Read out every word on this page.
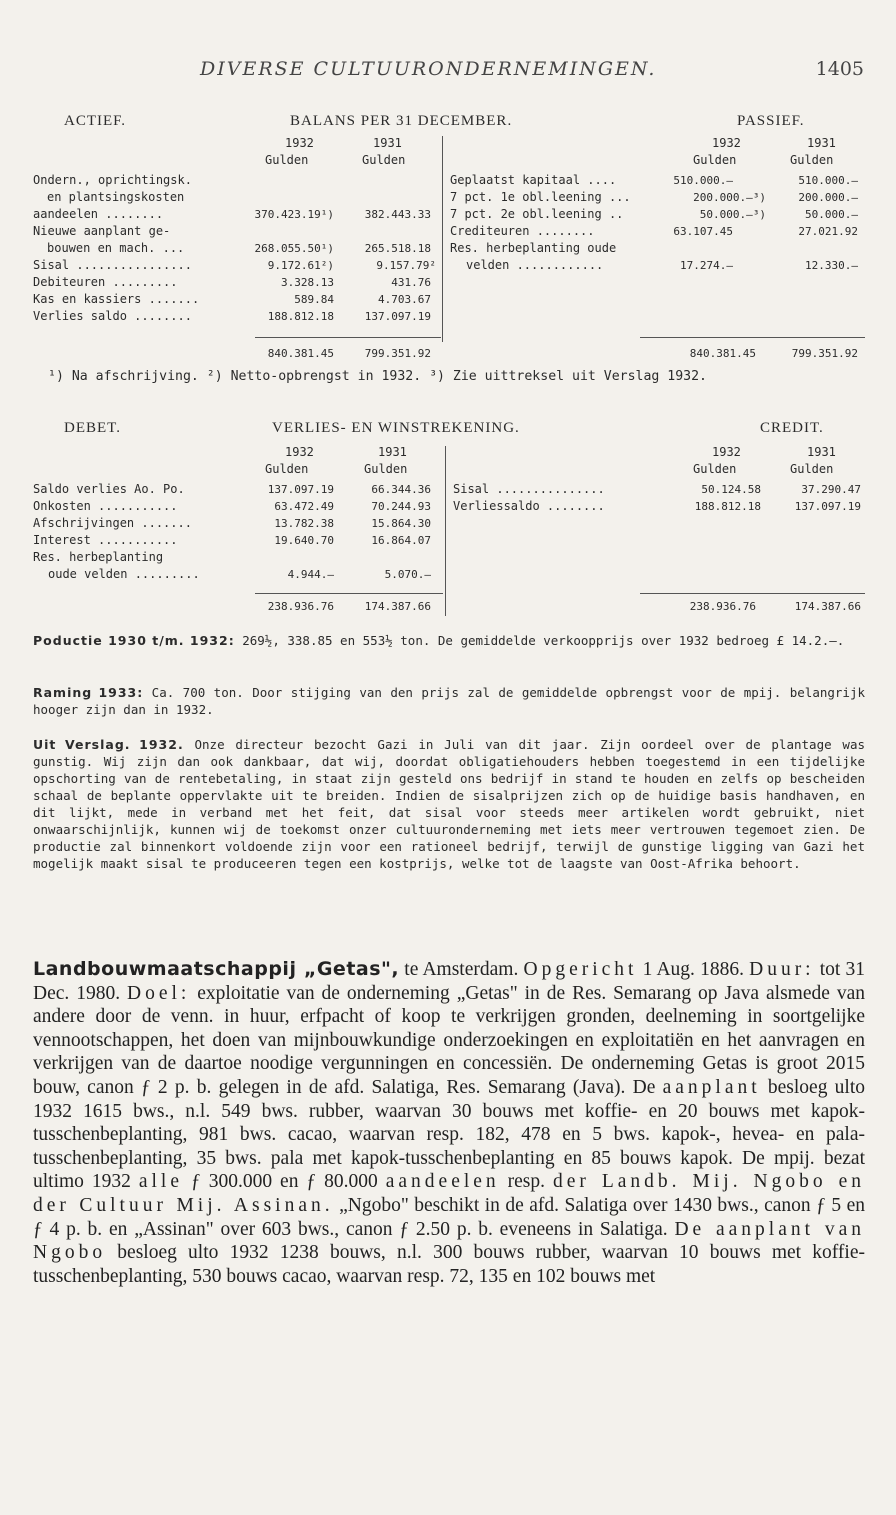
DIVERSE CULTUURONDERNEMINGEN.	1405
ACTIEF.	BALANS PER 31 DECEMBER.	PASSIEF.
1932	1931
Gulden	Gulden
1932	1931
Gulden	Gulden
Ondern., oprichtingsk.
en plantsingskosten
aandeelen ........	370.423.19¹)	382.443.33
Nieuwe aanplant ge-
bouwen en mach. ...	268.055.50¹)	265.518.18
Sisal ................	9.172.61²)	9.157.79²
Debiteuren .........	3.328.13	431.76
Kas en kassiers .......	589.84	4.703.67
Verlies saldo ........	188.812.18	137.097.19
Geplaatst kapitaal ....	510.000.—	510.000.—
7 pct. 1e obl.leening ...	200.000.—³)	200.000.—
7 pct. 2e obl.leening ..	50.000.—³)	50.000.—
Crediteuren ........	63.107.45	27.021.92
Res. herbeplanting oude
velden ............	17.274.—	12.330.—
840.381.45	799.351.92	840.381.45	799.351.92
¹) Na afschrijving. ²) Netto-opbrengst in 1932. ³) Zie uittreksel uit Verslag 1932.
DEBET.	VERLIES- EN WINSTREKENING.	CREDIT.
1932	1931
Gulden	Gulden
1932	1931
Gulden	Gulden
Saldo verlies Ao. Po.	137.097.19	66.344.36
Onkosten ...........	63.472.49	70.244.93
Afschrijvingen .......	13.782.38	15.864.30
Interest ...........	19.640.70	16.864.07
Res. herbeplanting
oude velden .........	4.944.—	5.070.—
Sisal ...............	50.124.58	37.290.47
Verliessaldo ........	188.812.18	137.097.19
238.936.76	174.387.66	238.936.76	174.387.66
Poductie 1930 t/m. 1932: 269½, 338.85 en 553½ ton. De gemiddelde verkoopprijs over 1932 bedroeg £ 14.2.—.
Raming 1933: Ca. 700 ton. Door stijging van den prijs zal de gemiddelde opbrengst voor de mpij. belangrijk hooger zijn dan in 1932.
Uit Verslag. 1932. Onze directeur bezocht Gazi in Juli van dit jaar. Zijn oordeel over de plantage was gunstig. Wij zijn dan ook dankbaar, dat wij, doordat obligatiehouders hebben toegestemd in een tijdelijke opschorting van de rentebetaling, in staat zijn gesteld ons bedrijf in stand te houden en zelfs op bescheiden schaal de beplante oppervlakte uit te breiden. Indien de sisalprijzen zich op de huidige basis handhaven, en dit lijkt, mede in verband met het feit, dat sisal voor steeds meer artikelen wordt gebruikt, niet onwaarschijnlijk, kunnen wij de toekomst onzer cultuuronderneming met iets meer vertrouwen tegemoet zien. De productie zal binnenkort voldoende zijn voor een rationeel bedrijf, terwijl de gunstige ligging van Gazi het mogelijk maakt sisal te produceeren tegen een kostprijs, welke tot de laagste van Oost-Afrika behoort.
Landbouwmaatschappij „Getas", te Amsterdam. Opgericht 1 Aug. 1886. Duur: tot 31 Dec. 1980. Doel: exploitatie van de onderneming „Getas" in de Res. Semarang op Java alsmede van andere door de venn. in huur, erfpacht of koop te verkrijgen gronden, deelneming in soortgelijke vennootschappen, het doen van mijnbouwkundige onderzoekingen en exploitatiën en het aanvragen en verkrijgen van de daartoe noodige vergunningen en concessiën. De onderneming Getas is groot 2015 bouw, canon ƒ 2 p. b. gelegen in de afd. Salatiga, Res. Semarang (Java). De aanplant besloeg ulto 1932 1615 bws., n.l. 549 bws. rubber, waarvan 30 bouws met koffie- en 20 bouws met kapok-tusschenbeplanting, 981 bws. cacao, waarvan resp. 182, 478 en 5 bws. kapok-, hevea- en pala-tusschenbeplanting, 35 bws. pala met kapok-tusschenbeplanting en 85 bouws kapok. De mpij. bezat ultimo 1932 alle ƒ 300.000 en ƒ 80.000 aandeelen resp. der Landb. Mij. Ngobo en der Cultuur Mij. Assinan. „Ngobo" beschikt in de afd. Salatiga over 1430 bws., canon ƒ 5 en ƒ 4 p. b. en „Assinan" over 603 bws., canon ƒ 2.50 p. b. eveneens in Salatiga. De aanplant van Ngobo besloeg ulto 1932 1238 bouws, n.l. 300 bouws rubber, waarvan 10 bouws met koffie-tusschenbeplanting, 530 bouws cacao, waarvan resp. 72, 135 en 102 bouws met
